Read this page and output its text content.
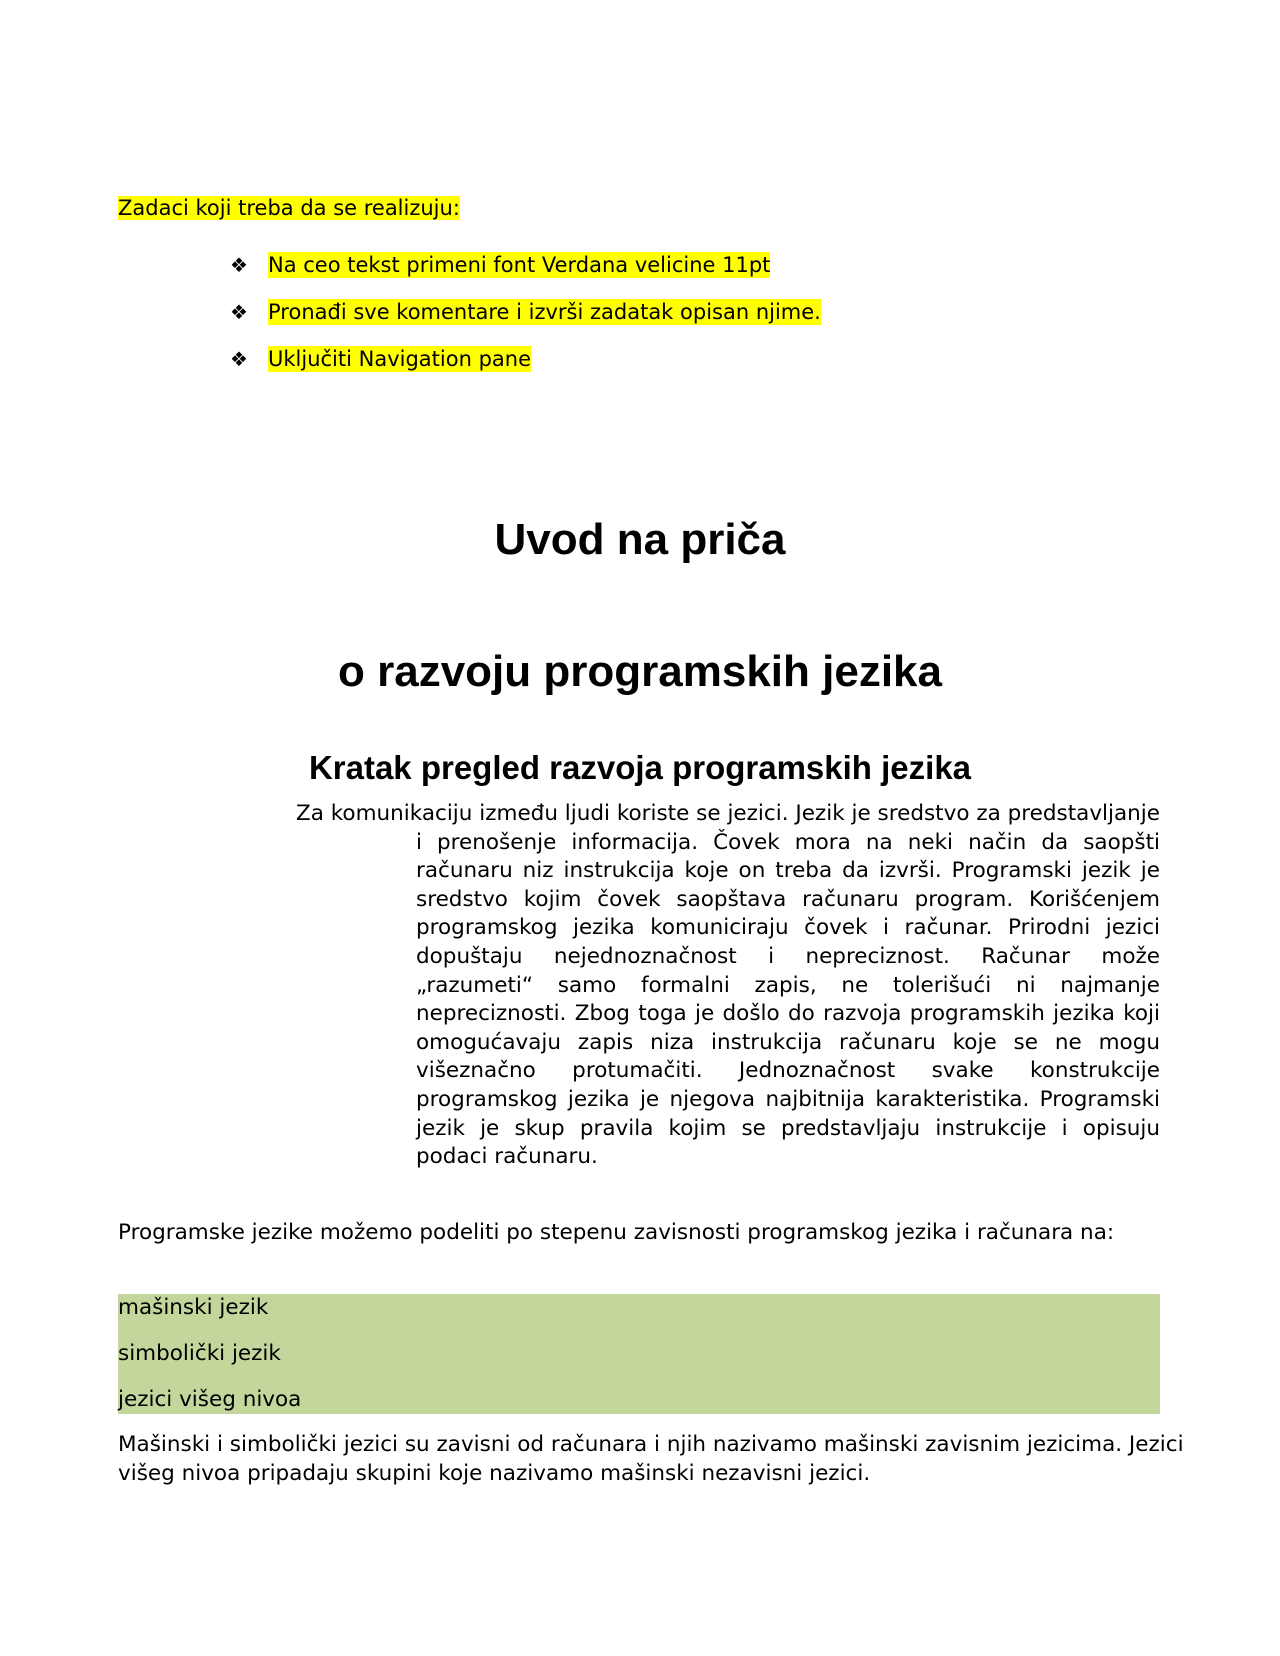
Zadaci koji treba da se realizuju:

❖ Na ceo tekst primeni font Verdana velicine 11pt
❖ Pronađi sve komentare i izvrši zadatak opisan njime.
❖ Uključiti Navigation pane
Uvod na priča
o razvoju programskih jezika
Kratak pregled razvoja programskih jezika

Za komunikaciju između ljudi koriste se jezici. Jezik je sredstvo za predstavljanje i prenošenje informacija. Čovek mora na neki način da saopšti računaru niz instrukcija koje on treba da izvrši. Programski jezik je sredstvo kojim čovek saopštava računaru program. Korišćenjem programskog jezika komuniciraju čovek i računar. Prirodni jezici dopuštaju nejednoznačnost i nepreciznost. Računar može „razumeti“ samo formalni zapis, ne tolerišući ni najmanje nepreciznosti. Zbog toga je došlo do razvoja programskih jezika koji omogućavaju zapis niza instrukcija računaru koje se ne mogu višeznačno protumačiti. Jednoznačnost svake konstrukcije programskog jezika je njegova najbitnija karakteristika. Programski jezik je skup pravila kojim se predstavljaju instrukcije i opisuju podaci računaru.

Programske jezike možemo podeliti po stepenu zavisnosti programskog jezika i računara na:

mašinski jezik
simbolički jezik
jezici višeg nivoa

Mašinski i simbolički jezici su zavisni od računara i njih nazivamo mašinski zavisnim jezicima. Jezici višeg nivoa pripadaju skupini koje nazivamo mašinski nezavisni jezici.
